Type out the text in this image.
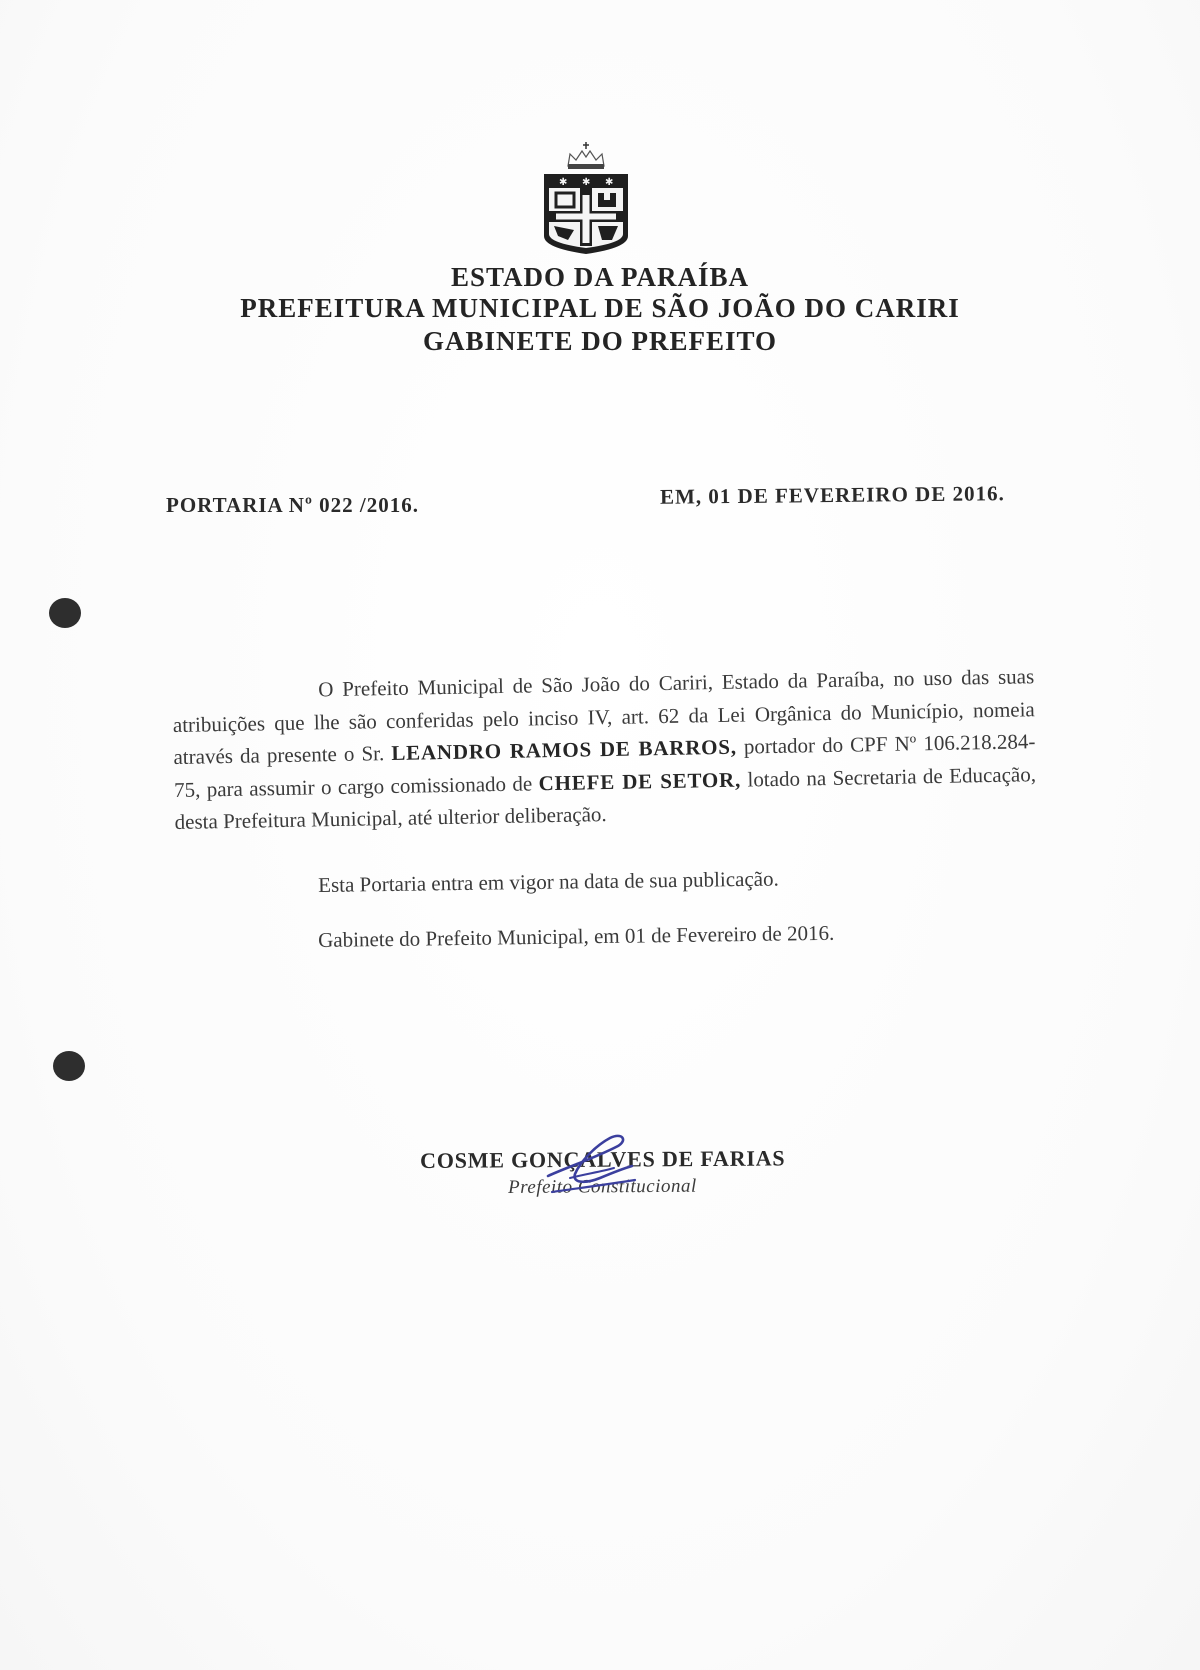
✱ ✱ ✱
ESTADO DA PARAÍBA
PREFEITURA MUNICIPAL DE SÃO JOÃO DO CARIRI
GABINETE DO PREFEITO
PORTARIA Nº 022 /2016.	EM, 01 DE FEVEREIRO DE 2016.
O Prefeito Municipal de São João do Cariri, Estado da Paraíba, no uso das suas atribuições que lhe são conferidas pelo inciso IV, art. 62 da Lei Orgânica do Município, nomeia através da presente o Sr. LEANDRO RAMOS DE BARROS, portador do CPF Nº 106.218.284-75, para assumir o cargo comissionado de CHEFE DE SETOR, lotado na Secretaria de Educação, desta Prefeitura Municipal, até ulterior deliberação.
Esta Portaria entra em vigor na data de sua publicação.
Gabinete do Prefeito Municipal, em 01 de Fevereiro de 2016.
COSME GONÇALVES DE FARIAS
Prefeito Constitucional
